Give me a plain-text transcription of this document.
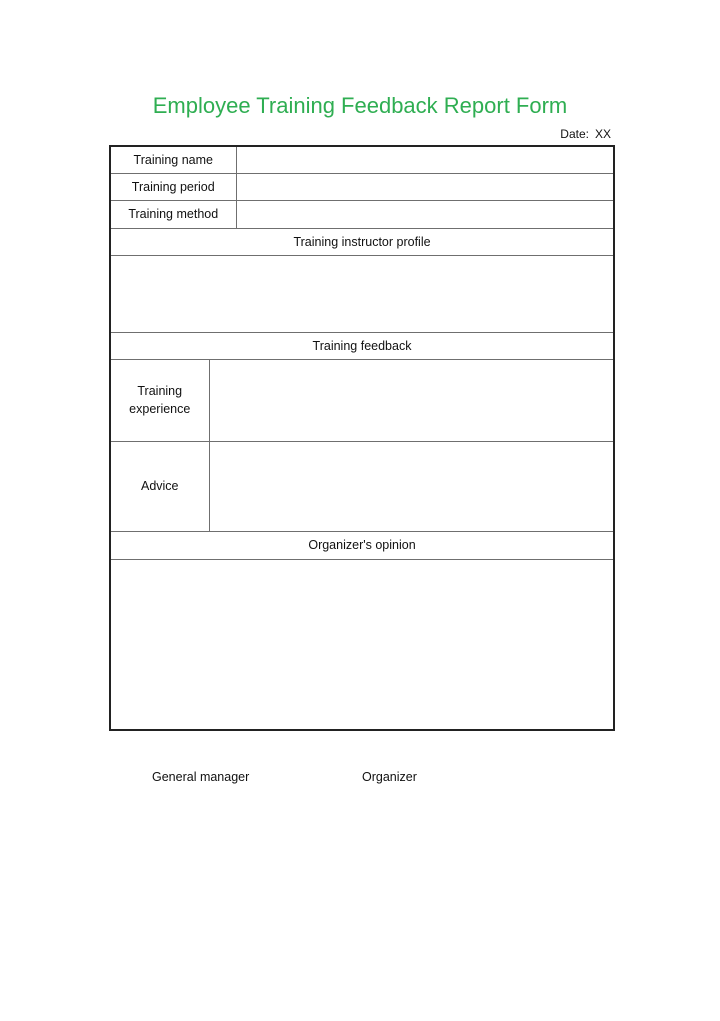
Employee Training Feedback Report Form
Date: XX
Training name		
Training period		
Training method		
Training instructor profile		

Training feedback		
Training
experience		
Advice		
Organizer's opinion		

General manager	Organizer
